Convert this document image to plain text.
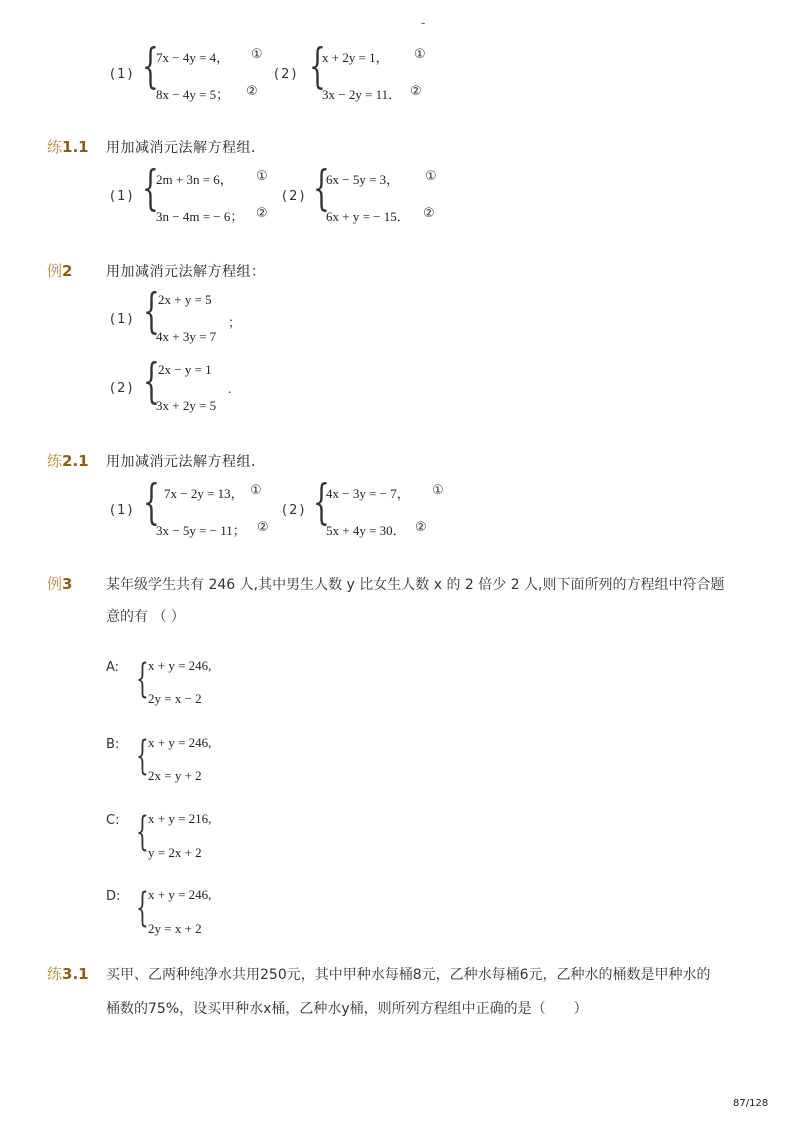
-
(1) {
7x − 4y = 4， ①
8x − 4y = 5； ②
(2) {
x + 2y = 1， ①
3x − 2y = 11． ②
练1.1 用加减消元法解方程组．
(1) {
2m + 3n = 6， ①
3n − 4m = − 6； ②
(2) {
6x − 5y = 3， ①
6x + y = − 15． ②
例2 用加减消元法解方程组：
(1) {
2x + y = 5
4x + 3y = 7
；
(2) {
2x − y = 1
3x + 2y = 5
.
练2.1 用加减消元法解方程组．
(1) { 7x − 2y = 13，
3x − 5y = − 11； ②
①
(2) {
4x − 3y = − 7， ①
5x + 4y = 30． ②
例3 某年级学生共有 246 人,其中男生人数 y 比女生人数 x 的 2 倍少 2 人,则下面所列的方程组中符合题
意的有 （ ）
A: { x + y = 246,
2y = x − 2
B: { x + y = 246,
2x = y + 2
C: { x + y = 216,
y = 2x + 2
D: { x + y = 246,
2y = x + 2
练3.1 买甲、乙两种纯净水共用250元，其中甲种水每桶8元，乙种水每桶6元，乙种水的桶数是甲种水的
桶数的75%，设买甲种水x桶，乙种水y桶，则所列方程组中正确的是（　　）
87/128
